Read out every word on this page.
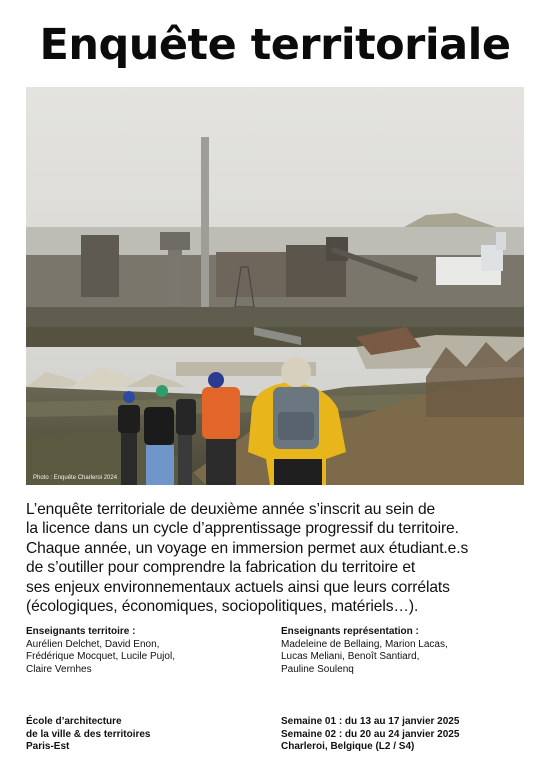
Enquête territoriale
Photo : Enquête Charleroi 2024
L’enquête territoriale de deuxième année s’inscrit au sein de
la licence dans un cycle d’apprentissage progressif du territoire.
Chaque année, un voyage en immersion permet aux étudiant.e.s
de s’outiller pour comprendre la fabrication du territoire et
ses enjeux environnementaux actuels ainsi que leurs corrélats
(écologiques, économiques, sociopolitiques, matériels…).
Enseignants territoire :
Aurélien Delchet, David Enon,
Frédérique Mocquet, Lucile Pujol,
Claire Vernhes
Enseignants représentation :
Madeleine de Bellaing, Marion Lacas,
Lucas Meliani, Benoît Santiard,
Pauline Soulenq
École d’architecture
de la ville & des territoires
Paris-Est
Semaine 01 : du 13 au 17 janvier 2025
Semaine 02 : du 20 au 24 janvier 2025
Charleroi, Belgique (L2 / S4)
